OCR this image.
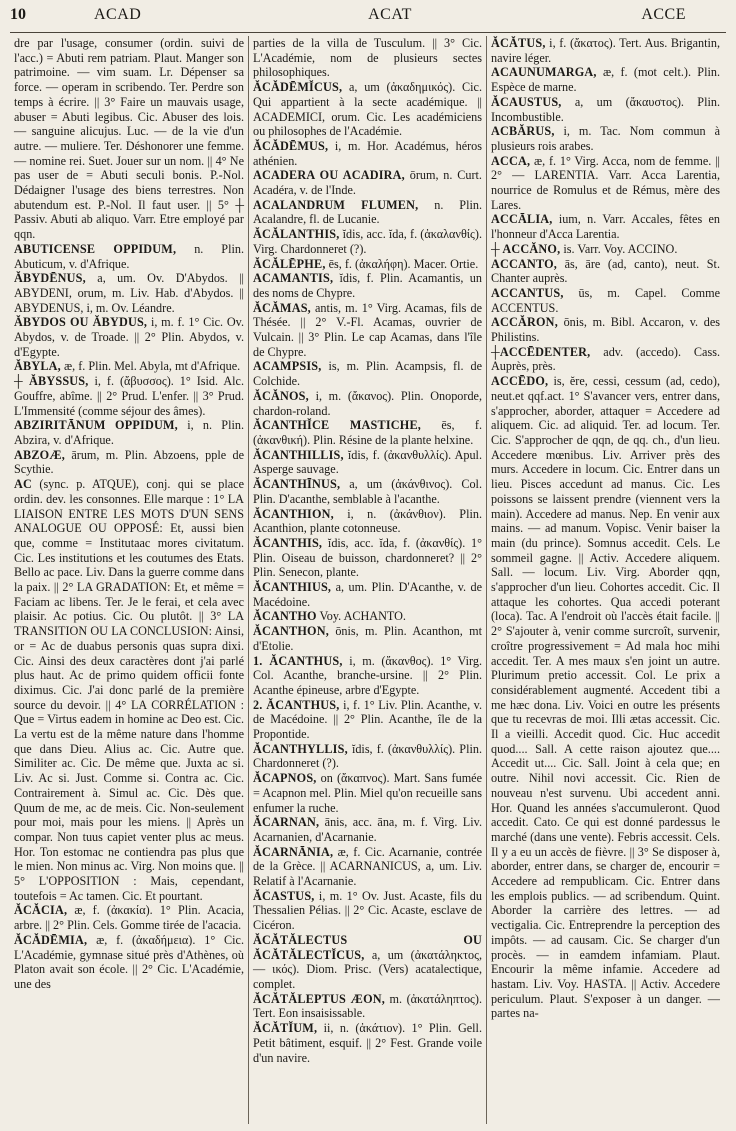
10	ACAD	ACAT	ACCE

dre par l'usage, consumer (ordin. suivi de l'acc.) = Abuti rem patriam. Plaut. Manger son patrimoine. — vim suam. Lr. Dépenser sa force. — operam in scribendo. Ter. Perdre son temps à écrire. || 3° Faire un mauvais usage, abuser = Abuti legibus. Cic. Abuser des lois. — sanguine alicujus. Luc. — de la vie d'un autre. — muliere. Ter. Déshonorer une femme. — nomine rei. Suet. Jouer sur un nom. || 4° Ne pas user de = Abuti seculi bonis. P.-Nol. Dédaigner l'usage des biens terrestres. Non abutendum est. P.-Nol. Il faut user. || 5° ┼ Passiv. Abuti ab aliquo. Varr. Etre employé par qqn.

ABUTICENSE OPPIDUM, n. Plin. Abuticum, v. d'Afrique.

ĂBYDĒNUS, a, um. Ov. D'Abydos. || ABYDENI, orum, m. Liv. Hab. d'Abydos. || ABYDENUS, i, m. Ov. Léandre.

ĂBYDOS OU ĂBYDUS, i, m. f. 1° Cic. Ov. Abydos, v. de Troade. || 2° Plin. Abydos, v. d'Egypte.

ĂBYLA, æ, f. Plin. Mel. Abyla, mt d'Afrique.

┼ ĂBYSSUS, i, f. (ἄβυσσος). 1° Isid. Alc. Gouffre, abîme. || 2° Prud. L'enfer. || 3° Prud. L'Immensité (comme séjour des âmes).

ABZIRITĀNUM OPPIDUM, i, n. Plin. Abzira, v. d'Afrique.

ABZOÆ, ārum, m. Plin. Abzoens, pple de Scythie.

AC (sync. p. ATQUE), conj. qui se place ordin. dev. les consonnes. Elle marque : 1° LA LIAISON ENTRE LES MOTS D'UN SENS ANALOGUE OU OPPOSÉ: Et, aussi bien que, comme = Institutaac mores civitatum. Cic. Les institutions et les coutumes des Etats. Bello ac pace. Liv. Dans la guerre comme dans la paix. || 2° LA GRADATION: Et, et même = Faciam ac libens. Ter. Je le ferai, et cela avec plaisir. Ac potius. Cic. Ou plutôt. || 3° LA TRANSITION OU LA CONCLUSION: Ainsi, or = Ac de duabus personis quas supra dixi. Cic. Ainsi des deux caractères dont j'ai parlé plus haut. Ac de primo quidem officii fonte diximus. Cic. J'ai donc parlé de la première source du devoir. || 4° LA CORRÉLATION : Que = Virtus eadem in homine ac Deo est. Cic. La vertu est de la même nature dans l'homme que dans Dieu. Alius ac. Cic. Autre que. Similiter ac. Cic. De même que. Juxta ac si. Liv. Ac si. Just. Comme si. Contra ac. Cic. Contrairement à. Simul ac. Cic. Dès que. Quum de me, ac de meis. Cic. Non-seulement pour moi, mais pour les miens. || Après un compar. Non tuus capiet venter plus ac meus. Hor. Ton estomac ne contiendra pas plus que le mien. Non minus ac. Virg. Non moins que. || 5° L'OPPOSITION : Mais, cependant, toutefois = Ac tamen. Cic. Et pourtant.

ĂCĂCIA, æ, f. (ἀκακία). 1° Plin. Acacia, arbre. || 2° Plin. Cels. Gomme tirée de l'acacia.

ĂCĂDĒMIA, æ, f. (ἀκαδήμεια). 1° Cic. L'Académie, gymnase situé près d'Athènes, où Platon avait son école. || 2° Cic. L'Académie, une des

parties de la villa de Tusculum. || 3° Cic. L'Académie, nom de plusieurs sectes philosophiques.

ĂCĂDĒMĬCUS, a, um (ἀκαδημικός). Cic. Qui appartient à la secte académique. || ACADEMICI, orum. Cic. Les académiciens ou philosophes de l'Académie.

ĂCĂDĒMUS, i, m. Hor. Académus, héros athénien.

ACADERA OU ACADIRA, ōrum, n. Curt. Acadéra, v. de l'Inde.

ACALANDRUM FLUMEN, n. Plin. Acalandre, fl. de Lucanie.

ĂCĂLANTHIS, ĭdis, acc. ĭda, f. (ἀκαλανθίς). Virg. Chardonneret (?).

ĂCĂLĒPHE, ēs, f. (ἀκαλήφη). Macer. Ortie.

ACAMANTIS, ĭdis, f. Plin. Acamantis, un des noms de Chypre.

ĂCĂMAS, antis, m. 1° Virg. Acamas, fils de Thésée. || 2° V.-Fl. Acamas, ouvrier de Vulcain. || 3° Plin. Le cap Acamas, dans l'île de Chypre.

ACAMPSIS, is, m. Plin. Acampsis, fl. de Colchide.

ĂCĂNOS, i, m. (ἄκανος). Plin. Onoporde, chardon-roland.

ĂCANTHĬCE MASTICHE, ēs, f. (ἀκανθική). Plin. Résine de la plante helxine.

ĂCANTHILLIS, ĭdis, f. (ἀκανθυλλίς). Apul. Asperge sauvage.

ĂCANTHĪNUS, a, um (ἀκάνθινος). Col. Plin. D'acanthe, semblable à l'acanthe.

ĂCANTHION, i, n. (ἀκάνθιον). Plin. Acanthion, plante cotonneuse.

ĂCANTHIS, ĭdis, acc. ĭda, f. (ἀκανθίς). 1° Plin. Oiseau de buisson, chardonneret? || 2° Plin. Senecon, plante.

ĂCANTHIUS, a, um. Plin. D'Acanthe, v. de Macédoine.

ĂCANTHO Voy. ACHANTO.

ĂCANTHON, ōnis, m. Plin. Acanthon, mt d'Etolie.

1. ĂCANTHUS, i, m. (ἄκανθος). 1° Virg. Col. Acanthe, branche-ursine. || 2° Plin. Acanthe épineuse, arbre d'Egypte.

2. ĂCANTHUS, i, f. 1° Liv. Plin. Acanthe, v. de Macédoine. || 2° Plin. Acanthe, île de la Propontide.

ĂCANTHYLLIS, ĭdis, f. (ἀκανθυλλίς). Plin. Chardonneret (?).

ĂCAPNOS, on (ἄκαπνος). Mart. Sans fumée = Acapnon mel. Plin. Miel qu'on recueille sans enfumer la ruche.

ĂCARNAN, ānis, acc. āna, m. f. Virg. Liv. Acarnanien, d'Acarnanie.

ĂCARNĀNIA, æ, f. Cic. Acarnanie, contrée de la Grèce. || ACARNANICUS, a, um. Liv. Relatif à l'Acarnanie.

ĂCASTUS, i, m. 1° Ov. Just. Acaste, fils du Thessalien Pélias. || 2° Cic. Acaste, esclave de Cicéron.

ĂCĂTĂLECTUS OU ĂCĂTĂLECTĬCUS, a, um (ἀκατάληκτος, — ικός). Diom. Prisc. (Vers) acatalectique, complet.

ĂCĂTĂLEPTUS ÆON, m. (ἀκατάληπτος). Tert. Eon insaisissable.

ĂCĂTĬUM, ii, n. (ἀκάτιον). 1° Plin. Gell. Petit bâtiment, esquif. || 2° Fest. Grande voile d'un navire.

ĂCĂTUS, i, f. (ἄκατος). Tert. Aus. Brigantin, navire léger.

ACAUNUMARGA, æ, f. (mot celt.). Plin. Espèce de marne.

ĂCAUSTUS, a, um (ἄκαυστος). Plin. Incombustible.

ACBĂRUS, i, m. Tac. Nom commun à plusieurs rois arabes.

ACCA, æ, f. 1° Virg. Acca, nom de femme. || 2° — LARENTIA. Varr. Acca Larentia, nourrice de Romulus et de Rémus, mère des Lares.

ACCĀLIA, ium, n. Varr. Accales, fêtes en l'honneur d'Acca Larentia.

┼ ACCĂNO, is. Varr. Voy. ACCINO.

ACCANTO, ās, āre (ad, canto), neut. St. Chanter auprès.

ACCANTUS, ūs, m. Capel. Comme ACCENTUS.

ACCĂRON, ōnis, m. Bibl. Accaron, v. des Philistins.

┼ACCĒDENTER, adv. (accedo). Cass. Auprès, près.

ACCĒDO, is, ĕre, cessi, cessum (ad, cedo), neut.et qqf.act. 1° S'avancer vers, entrer dans, s'approcher, aborder, attaquer = Accedere ad aliquem. Cic. ad aliquid. Ter. ad locum. Ter. Cic. S'approcher de qqn, de qq. ch., d'un lieu. Accedere mœnibus. Liv. Arriver près des murs. Accedere in locum. Cic. Entrer dans un lieu. Pisces accedunt ad manus. Cic. Les poissons se laissent prendre (viennent vers la main). Accedere ad manus. Nep. En venir aux mains. — ad manum. Vopisc. Venir baiser la main (du prince). Somnus accedit. Cels. Le sommeil gagne. || Activ. Accedere aliquem. Sall. — locum. Liv. Virg. Aborder qqn, s'approcher d'un lieu. Cohortes accedit. Cic. Il attaque les cohortes. Qua accedi poterant (loca). Tac. A l'endroit où l'accès était facile. || 2° S'ajouter à, venir comme surcroît, survenir, croître progressivement = Ad mala hoc mihi accedit. Ter. A mes maux s'en joint un autre. Plurimum pretio accessit. Col. Le prix a considérablement augmenté. Accedent tibi a me hæc dona. Liv. Voici en outre les présents que tu recevras de moi. Illi ætas accessit. Cic. Il a vieilli. Accedit quod. Cic. Huc accedit quod.... Sall. A cette raison ajoutez que.... Accedit ut.... Cic. Sall. Joint à cela que; en outre. Nihil novi accessit. Cic. Rien de nouveau n'est survenu. Ubi accedent anni. Hor. Quand les années s'accumuleront. Quod accedit. Cato. Ce qui est donné pardessus le marché (dans une vente). Febris accessit. Cels. Il y a eu un accès de fièvre. || 3° Se disposer à, aborder, entrer dans, se charger de, encourir = Accedere ad rempublicam. Cic. Entrer dans les emplois publics. — ad scribendum. Quint. Aborder la carrière des lettres. — ad vectigalia. Cic. Entreprendre la perception des impôts. — ad causam. Cic. Se charger d'un procès. — in eamdem infamiam. Plaut. Encourir la même infamie. Accedere ad hastam. Liv. Voy. HASTA. || Activ. Accedere periculum. Plaut. S'exposer à un danger. — partes na-
